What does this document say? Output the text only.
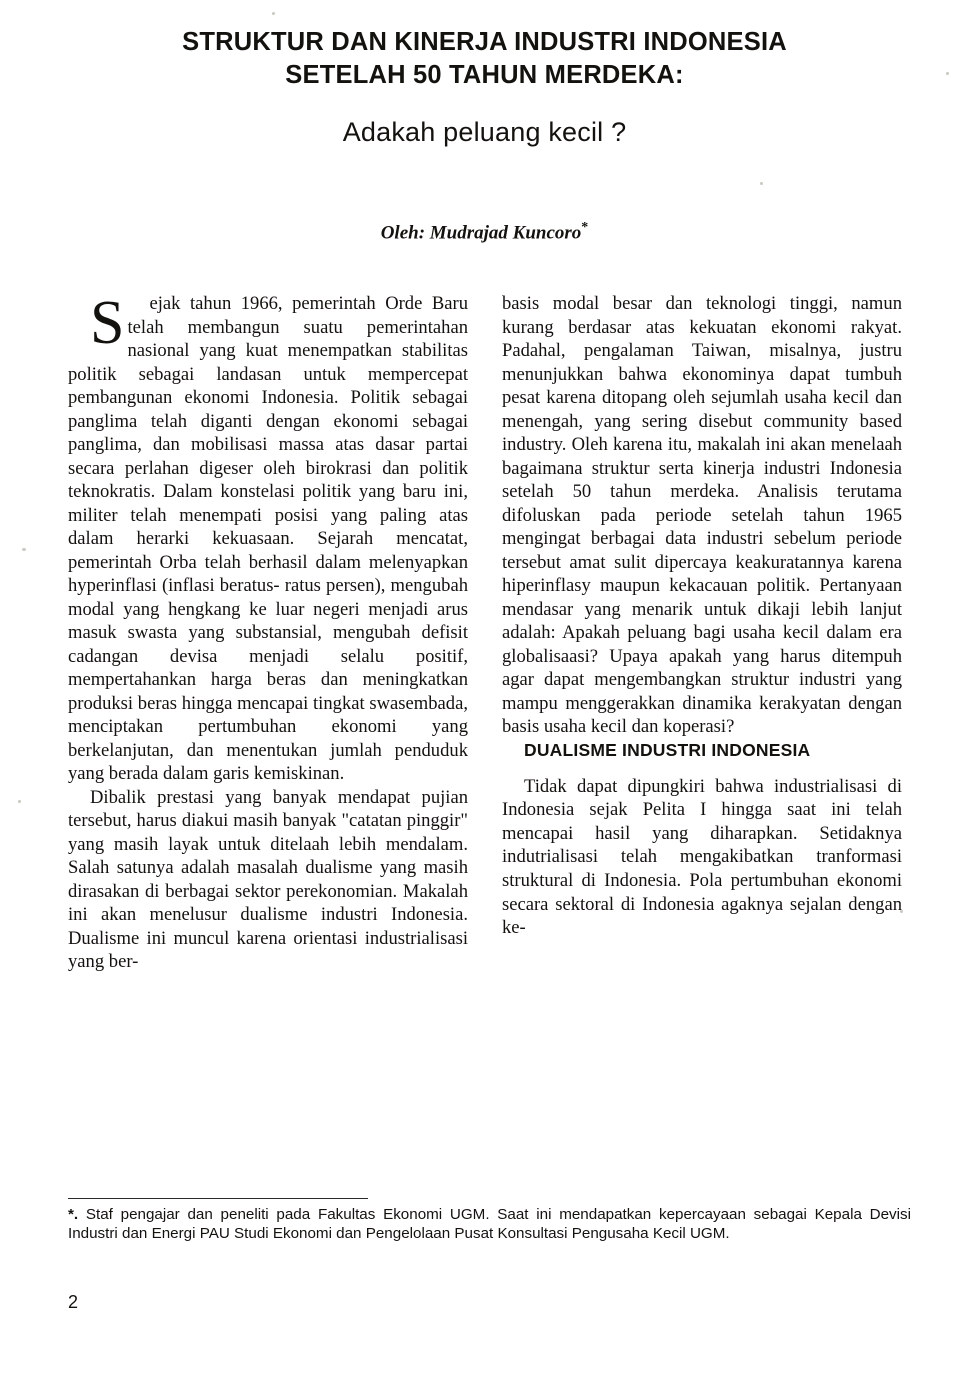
STRUKTUR DAN KINERJA INDUSTRI INDONESIA
SETELAH 50 TAHUN MERDEKA:
Adakah peluang kecil ?
Oleh: Mudrajad Kuncoro*

S ejak tahun 1966, pemerintah Orde Baru telah membangun suatu pemerintahan nasional yang kuat menempatkan stabilitas politik sebagai landasan untuk mempercepat pembangunan ekonomi Indonesia. Politik sebagai panglima telah diganti dengan ekonomi sebagai panglima, dan mobilisasi massa atas dasar partai secara perlahan digeser oleh birokrasi dan politik teknokratis. Dalam konstelasi politik yang baru ini, militer telah menempati posisi yang paling atas dalam herarki kekuasaan. Sejarah mencatat, pemerintah Orba telah berhasil dalam melenyapkan hyperinflasi (inflasi beratus- ratus persen), mengubah modal yang hengkang ke luar negeri menjadi arus masuk swasta yang substansial, mengubah defisit cadangan devisa menjadi selalu positif, mempertahankan harga beras dan meningkatkan produksi beras hingga mencapai tingkat swasembada, menciptakan pertumbuhan ekonomi yang berkelanjutan, dan menentukan jumlah penduduk yang berada dalam garis kemiskinan.

Dibalik prestasi yang banyak mendapat pujian tersebut, harus diakui masih banyak "catatan pinggir" yang masih layak untuk ditelaah lebih mendalam. Salah satunya adalah masalah dualisme yang masih dirasakan di berbagai sektor perekonomian. Makalah ini akan menelusur dualisme industri Indonesia. Dualisme ini muncul karena orientasi industrialisasi yang ber-

basis modal besar dan teknologi tinggi, namun kurang berdasar atas kekuatan ekonomi rakyat. Padahal, pengalaman Taiwan, misalnya, justru menunjukkan bahwa ekonominya dapat tumbuh pesat karena ditopang oleh sejumlah usaha kecil dan menengah, yang sering disebut community based industry. Oleh karena itu, makalah ini akan menelaah bagaimana struktur serta kinerja industri Indonesia setelah 50 tahun merdeka. Analisis terutama difoluskan pada periode setelah tahun 1965 mengingat berbagai data industri sebelum periode tersebut amat sulit dipercaya keakuratannya karena hiperinflasy maupun kekacauan politik. Pertanyaan mendasar yang menarik untuk dikaji lebih lanjut adalah: Apakah peluang bagi usaha kecil dalam era globalisaasi? Upaya apakah yang harus ditempuh agar dapat mengembangkan struktur industri yang mampu menggerakkan dinamika kerakyatan dengan basis usaha kecil dan koperasi?

DUALISME INDUSTRI INDONESIA

Tidak dapat dipungkiri bahwa industrialisasi di Indonesia sejak Pelita I hingga saat ini telah mencapai hasil yang diharapkan. Setidaknya indutrialisasi telah mengakibatkan tranformasi struktural di Indonesia. Pola pertumbuhan ekonomi secara sektoral di Indonesia agaknya sejalan dengan ke-

*. Staf pengajar dan peneliti pada Fakultas Ekonomi UGM. Saat ini mendapatkan kepercayaan sebagai Kepala Devisi Industri dan Energi PAU Studi Ekonomi dan Pengelolaan Pusat Konsultasi Pengusaha Kecil UGM.
2
